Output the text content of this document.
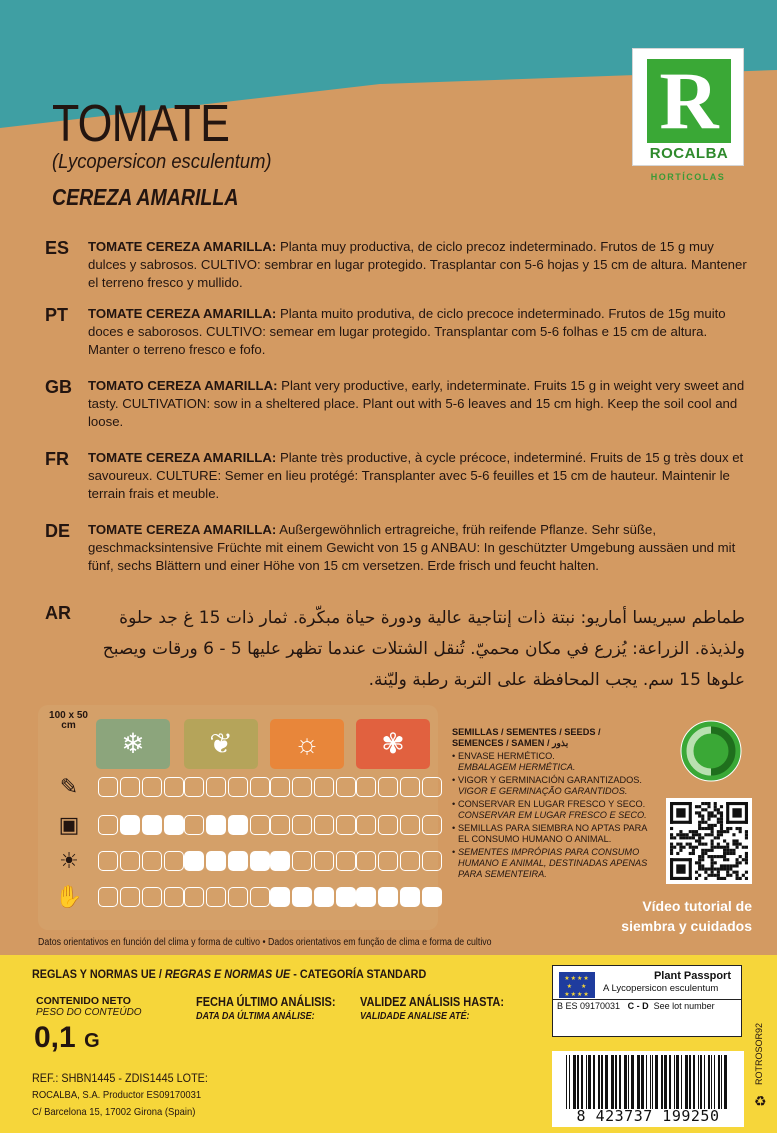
TOMATE
(Lycopersicon esculentum)
CEREZA AMARILLA
R
ROCALBA
HORTÍCOLAS
ES TOMATE CEREZA AMARILLA: Planta muy productiva, de ciclo precoz indeterminado. Frutos de 15 g muy dulces y sabrosos. CULTIVO: sembrar en lugar protegido. Trasplantar con 5-6 hojas y 15 cm de altura. Mantener el terreno fresco y mullido.
PT TOMATE CEREZA AMARILLA: Planta muito produtiva, de ciclo precoce indeterminado. Frutos de 15g muito doces e saborosos. CULTIVO: semear em lugar protegido. Transplantar com 5-6 folhas e 15 cm de altura. Manter o terreno fresco e fofo.
GB TOMATO CEREZA AMARILLA: Plant very productive, early, indeterminate. Fruits 15 g in weight very sweet and tasty. CULTIVATION: sow in a sheltered place. Plant out with 5-6 leaves and 15 cm high. Keep the soil cool and loose.
FR TOMATE CEREZA AMARILLA: Plante très productive, à cycle précoce, indeterminé. Fruits de 15 g très doux et savoureux. CULTURE: Semer en lieu protégé: Transplanter avec 5-6 feuilles et 15 cm de hauteur. Maintenir le terrain frais et meuble.
DE TOMATE CEREZA AMARILLA: Außergewöhnlich ertragreiche, früh reifende Pflanze. Sehr süße, geschmacksintensive Früchte mit einem Gewicht von 15 g ANBAU: In geschützter Umgebung aussäen und mit fünf, sechs Blättern und einer Höhe von 15 cm versetzen. Erde frisch und feucht halten.
AR	طماطم سيريسا أماريو: نبتة ذات إنتاجية عالية ودورة حياة مبكّرة. ثمار ذات 15 غ جد حلوة ولذيذة. الزراعة: يُزرع في مكان محميّ. تُنقل الشتلات عندما تظهر عليها 5 - 6 ورقات ويصبح علوها 15 سم. يجب المحافظة على التربة رطبة وليّنة.
100 x 50 cm
❄	❦	☼	✾
✎
▣
☀
✋
SEMILLAS / SEMENTES / SEEDS /
SEMENCES / SAMEN / بذور
• ENVASE HERMÉTICO.
EMBALAGEM HERMÉTICA.
• VIGOR Y GERMINACIÓN GARANTIZADOS.
VIGOR E GERMINAÇÃO GARANTIDOS.
• CONSERVAR EN LUGAR FRESCO Y SECO.
CONSERVAR EM LUGAR FRESCO E SECO.
• SEMILLAS PARA SIEMBRA NO APTAS PARA EL CONSUMO HUMANO O ANIMAL.
• SEMENTES IMPRÓPIAS PARA CONSUMO HUMANO E ANIMAL, DESTINADAS APENAS PARA SEMENTEIRA.
Vídeo tutorial de
siembra y cuidados
Datos orientativos en función del clima y forma de cultivo • Dados orientativos em função de clima e forma de cultivo
REGLAS Y NORMAS UE / REGRAS E NORMAS UE - CATEGORÍA STANDARD
CONTENIDO NETO
PESO DO CONTEÚDO
0,1 G
FECHA ÚLTIMO ANÁLISIS:
DATA DA ÚLTIMA ANÁLISE:
VALIDEZ ANÁLISIS HASTA:
VALIDADE ANALISE ATÉ:
REF.: SHBN1445 - ZDIS1445 LOTE:
ROCALBA, S.A. Productor ES09170031
C/ Barcelona 15, 17002 Girona (Spain)
★★★★
★   ★
★★★★
Plant Passport
A Lycopersicon esculentum
B ES 09170031 C - D See lot number
8 423737 199250
ROTROSOR92
♻
